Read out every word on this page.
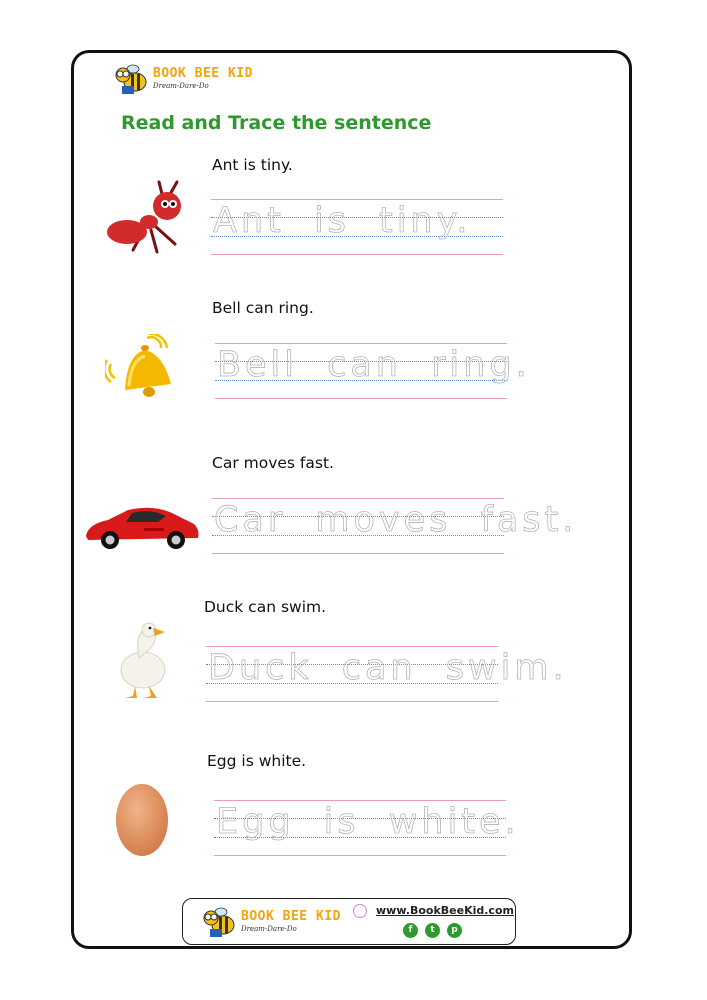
BOOK BEE KID
Dream-Dare-Do
Read and Trace the sentence

Ant is tiny.

Ant is tiny.

Bell can ring.

Bell can ring.

Car moves fast.

Car moves fast.

Duck can swim.

Duck can swim.

Egg is white.

Egg is white.
BOOK BEE KID
Dream-Dare-Do
www.BookBeeKid.com
f	t	p
